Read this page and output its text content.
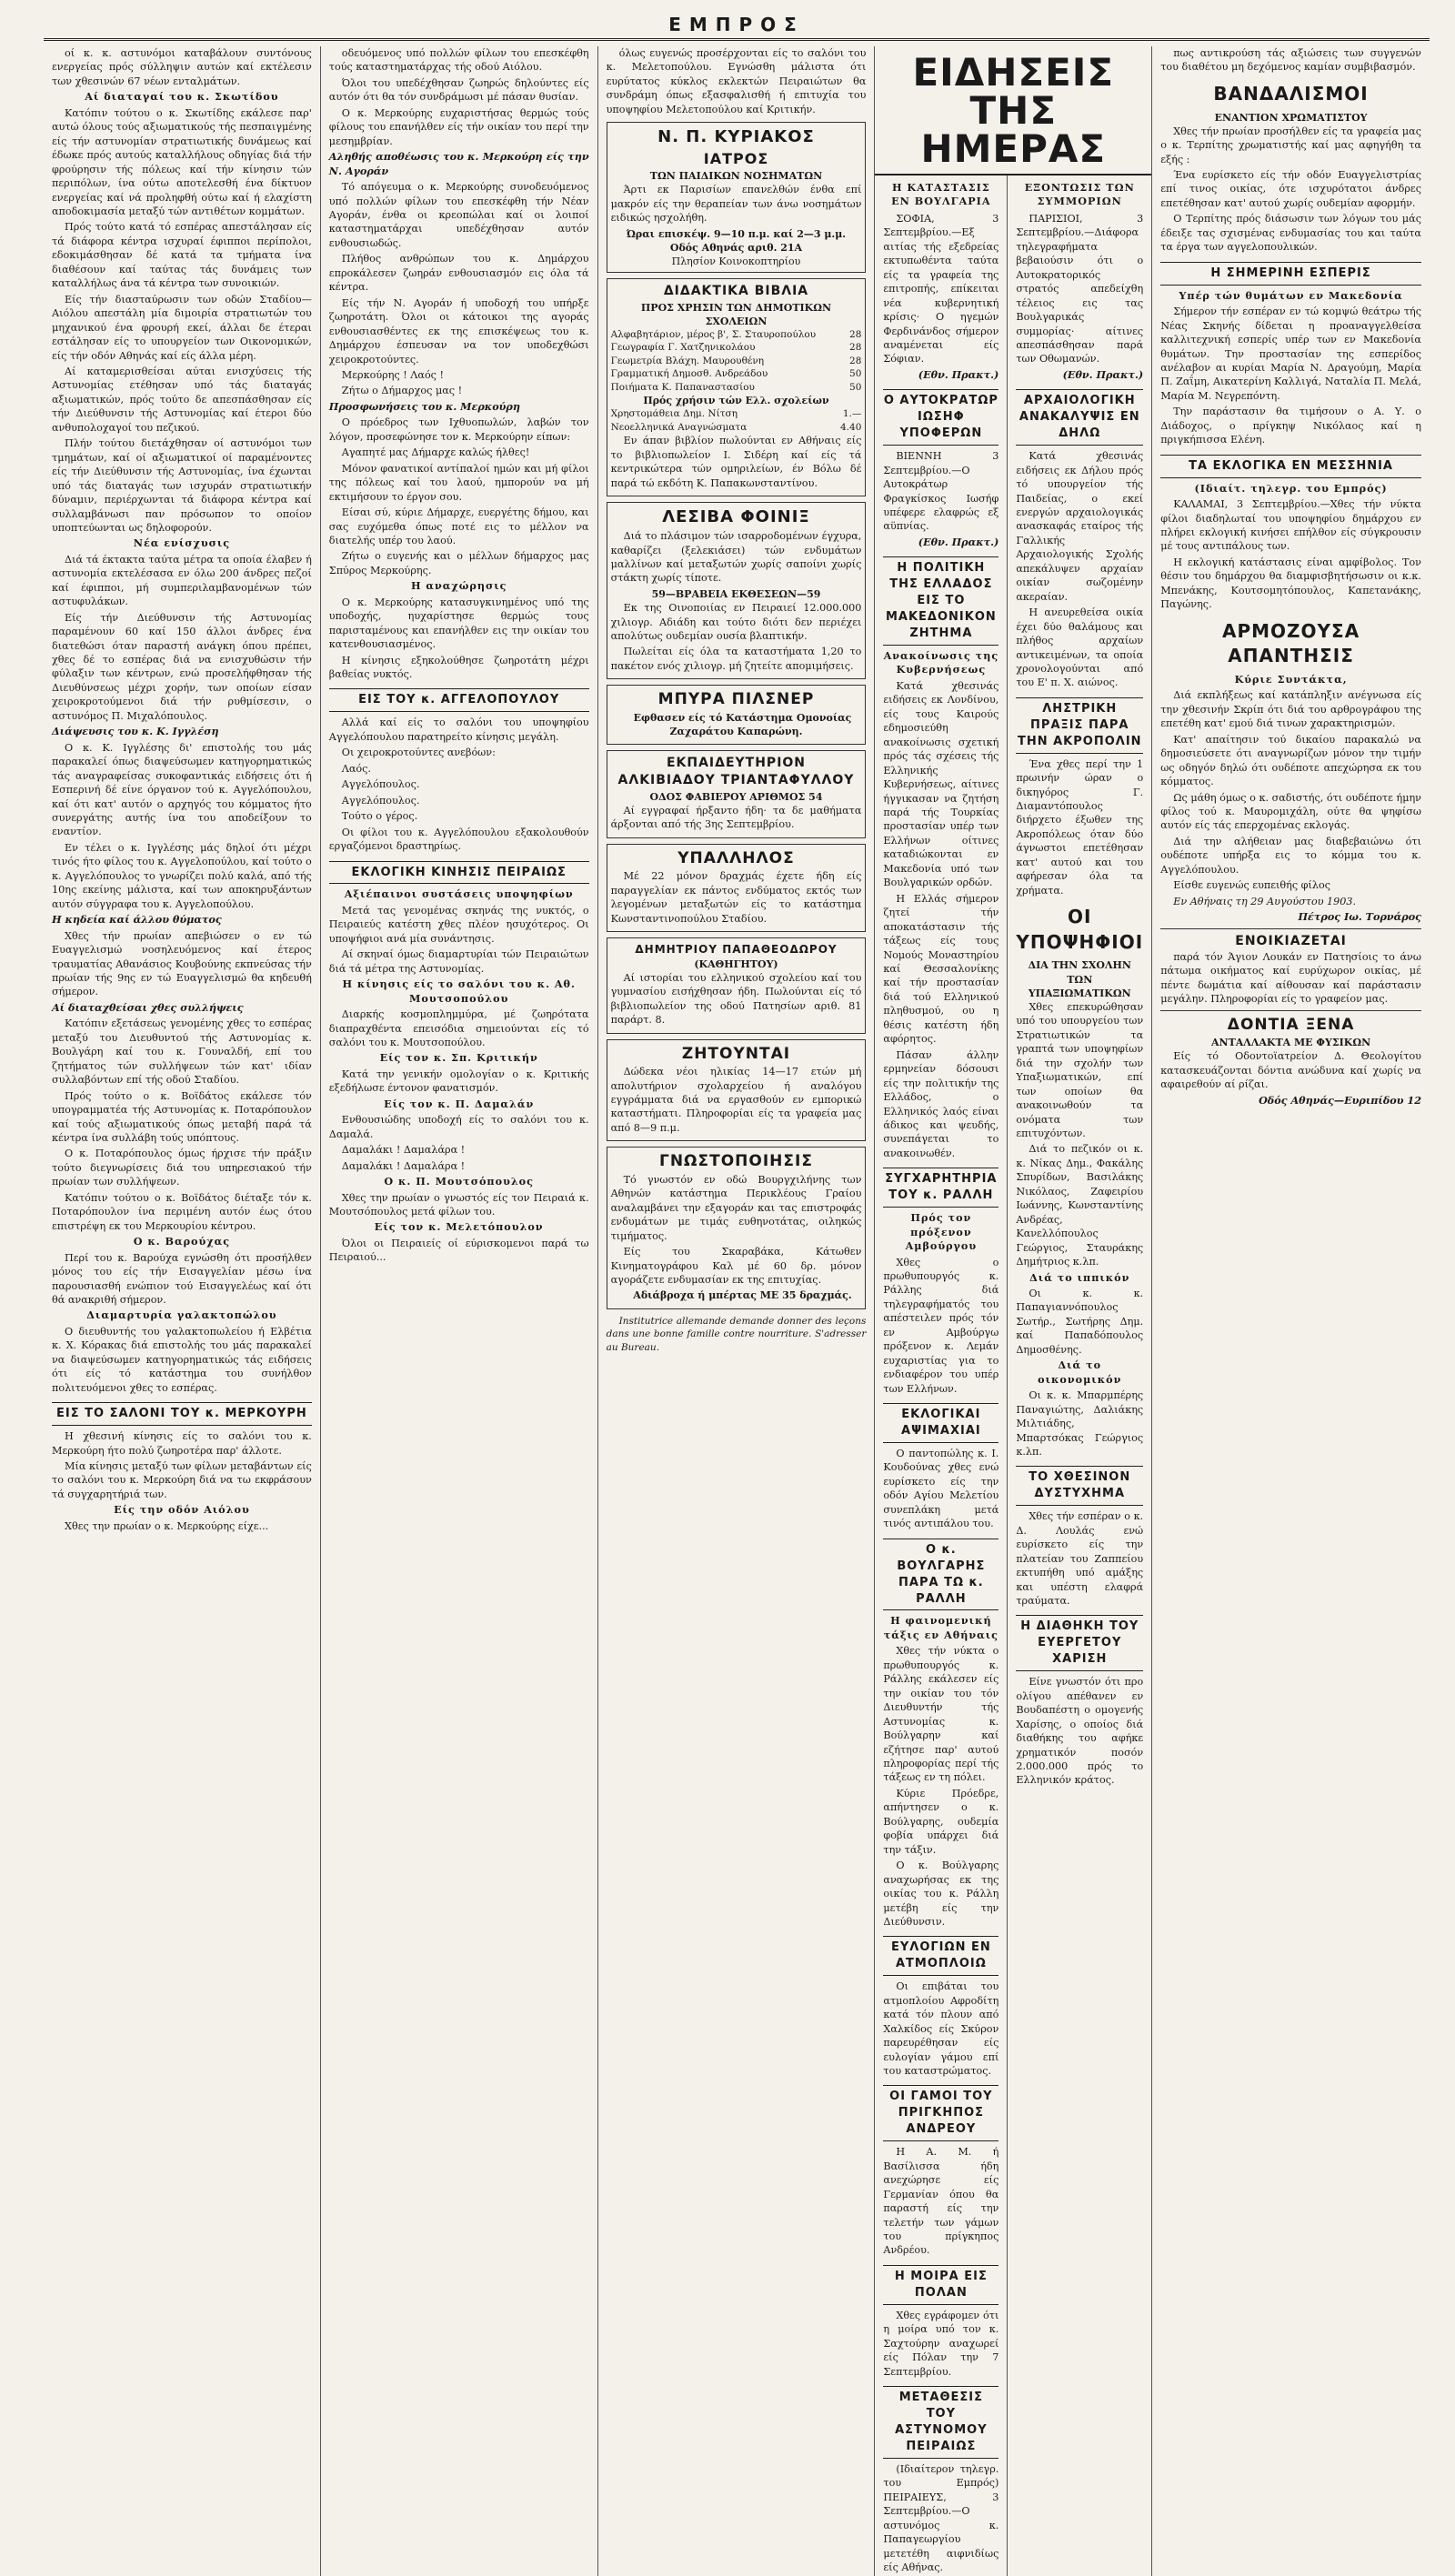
ΕΜΠΡΟΣ

οί κ. κ. αστυνόμοι καταβάλουν συντόνους ενεργείας πρός σύλληψιν αυτών καί εκτέλεσιν των χθεσινών 67 νέων ενταλμάτων.

Αί διαταγαί του κ. Σκωτίδου

Κατόπιν τούτου ο κ. Σκωτίδης εκάλεσε παρ' αυτώ όλους τούς αξιωματικούς τής πεσπαιγμένης είς τήν αστυνομίαν στρατιωτικής δυνάμεως καί έδωκε πρός αυτούς καταλλήλους οδηγίας διά τήν φρούρησιν τής πόλεως καί τήν κίνησιν τών περιπόλων, ίνα ούτω αποτελεσθή ένα δίκτυον ενεργείας καί νά προληφθή ούτω καί ή ελαχίστη αποδοκιμασία μεταξύ τών αντιθέτων κομμάτων.

Πρός τούτο κατά τό εσπέρας απεστάλησαν είς τά διάφορα κέντρα ισχυραί έφιπποι περίπολοι, εδοκιμάσθησαν δέ κατά τα τμήματα ίνα διαθέσουν καί ταύτας τάς δυνάμεις των καταλλήλως άνα τά κέντρα των συνοικιών.

Είς τήν διασταύρωσιν των οδών Σταδίου—Αιόλου απεστάλη μία διμοιρία στρατιωτών του μηχανικού ένα φρουρή εκεί, άλλαι δε έτεραι εστάλησαν είς το υπουργείον των Οικονομικών, είς τήν οδόν Αθηνάς καί είς άλλα μέρη.

Αί καταμερισθείσαι αύται ενισχύσεις τής Αστυνομίας ετέθησαν υπό τάς διαταγάς αξιωματικών, πρός τούτο δε απεσπάσθησαν είς τήν Διεύθυνσιν τής Αστυνομίας καί έτεροι δύο ανθυπολοχαγοί του πεζικού.

Πλήν τούτου διετάχθησαν οί αστυνόμοι των τμημάτων, καί οί αξιωματικοί οί παραμένοντες είς τήν Διεύθυνσιν τής Αστυνομίας, ίνα έχωνται υπό τάς διαταγάς των ισχυράν στρατιωτικήν δύναμιν, περιέρχωνται τά διάφορα κέντρα καί συλλαμβάνωσι παν πρόσωπον το οποίον υποπτεύωνται ως δηλοφορούν.

Νέα ενίσχυσις

Διά τά έκτακτα ταύτα μέτρα τα οποία έλαβεν ή αστυνομία εκτελέσασα εν όλω 200 άνδρες πεζοί καί έφιπποι, μή συμπεριλαμβανομένων τών αστυφυλάκων.

Είς τήν Διεύθυνσιν τής Αστυνομίας παραμένουν 60 καί 150 άλλοι άνδρες ένα διατεθώσι όταν παραστή ανάγκη όπου πρέπει, χθες δέ το εσπέρας διά να ενισχυθώσιν τήν φύλαξιν των κέντρων, ενώ προσελήφθησαν τής Διευθύνσεως μέχρι χορήν, των οποίων είσαν χειροκροτούμενοι διά τήν ρυθμίσεσιν, ο αστυνόμος Π. Μιχαλόπουλος.

Διάψευσις του κ. Κ. Ιγγλέση

Ο κ. Κ. Ιγγλέσης δι' επιστολής του μάς παρακαλεί όπως διαψεύσωμεν κατηγορηματικώς τάς αναγραφείσας συκοφαντικάς ειδήσεις ότι ή Εσπερινή δέ είνε όργανον τού κ. Αγγελόπουλου, καί ότι κατ' αυτόν ο αρχηγός του κόμματος ήτο συνεργάτης αυτής ίνα του αποδείξουν το εναντίον.

Εν τέλει ο κ. Ιγγλέσης μάς δηλοί ότι μέχρι τινός ήτο φίλος του κ. Αγγελοπούλου, καί τούτο ο κ. Αγγελόπουλος το γνωρίζει πολύ καλά, από τής 10ης εκείνης μάλιστα, καί των αποκηρυξάντων αυτόν σύγγραφα του κ. Αγγελοπούλου.

Η κηδεία καί άλλου θύματος

Χθες τήν πρωίαν απεβιώσεν ο εν τώ Ευαγγελισμώ νοσηλευόμενος καί έτερος τραυματίας Αθανάσιος Κουβούνης εκπνεύσας τήν πρωίαν τής 9ης εν τώ Ευαγγελισμώ θα κηδευθή σήμερον.

Αί διαταχθείσαι χθες συλλήψεις

Κατόπιν εξετάσεως γενομένης χθες το εσπέρας μεταξύ του Διευθυντού τής Αστυνομίας κ. Βουλγάρη καί του κ. Γουναλδή, επί του ζητήματος τών συλλήψεων τών κατ' ιδίαν συλλαβόντων επί τής οδού Σταδίου.

Πρός τούτο ο κ. Βοϊδάτος εκάλεσε τόν υπογραμματέα τής Αστυνομίας κ. Ποταρόπουλον καί τούς αξιωματικούς όπως μεταβή παρά τά κέντρα ίνα συλλάβη τούς υπόπτους.

Ο κ. Ποταρόπουλος όμως ήρχισε τήν πράξιν τούτο διεγνωρίσεις διά του υπηρεσιακού τήν πρωίαν των συλλήψεων.

Κατόπιν τούτου ο κ. Βοϊδάτος διέταξε τόν κ. Ποταρόπουλον ίνα περιμένη αυτόν έως ότου επιστρέψη εκ του Μερκουρίου κέντρου.

Ο κ. Βαρούχας

Περί του κ. Βαρούχα εγνώσθη ότι προσήλθεν μόνος του είς τήν Εισαγγελίαν μέσω ίνα παρουσιασθή ενώπιον τού Εισαγγελέως καί ότι θά ανακριθή σήμερον.

Διαμαρτυρία γαλακτοπώλου

Ο διευθυντής του γαλακτοπωλείου ή Ελβέτια κ. Χ. Κόρακας διά επιστολής του μάς παρακαλεί να διαψεύσωμεν κατηγορηματικώς τάς ειδήσεις ότι είς τό κατάστημα του συνήλθον πολιτευόμενοι χθες το εσπέρας.

ΕΙΣ ΤΟ ΣΑΛΟΝΙ ΤΟΥ κ. ΜΕΡΚΟΥΡΗ

Η χθεσινή κίνησις είς το σαλόνι του κ. Μερκούρη ήτο πολύ ζωηροτέρα παρ' άλλοτε.

Μία κίνησις μεταξύ των φίλων μεταβάντων είς το σαλόνι του κ. Μερκούρη διά να τω εκφράσουν τά συγχαρητήριά των.

Είς την οδόν Αιόλου

Χθες την πρωίαν ο κ. Μερκούρης είχε...

οδευόμενος υπό πολλών φίλων του επεσκέφθη τούς καταστηματάρχας τής οδού Αιόλου.

Όλοι του υπεδέχθησαν ζωηρώς δηλούντες είς αυτόν ότι θα τόν συνδράμωσι μέ πάσαν θυσίαν.

Ο κ. Μερκούρης ευχαριστήσας θερμώς τούς φίλους του επανήλθεν είς τήν οικίαν του περί την μεσημβρίαν.

Αληθής αποθέωσις του κ. Μερκούρη είς την Ν. Αγοράν

Τό απόγευμα ο κ. Μερκούρης συνοδευόμενος υπό πολλών φίλων του επεσκέφθη τήν Νέαν Αγοράν, ένθα οι κρεοπώλαι καί οι λοιποί καταστηματάρχαι υπεδέχθησαν αυτόν ενθουσιωδώς.

Πλήθος ανθρώπων του κ. Δημάρχου επροκάλεσεν ζωηράν ενθουσιασμόν εις όλα τά κέντρα.

Είς τήν Ν. Αγοράν ή υποδοχή του υπήρξε ζωηροτάτη. Όλοι οι κάτοικοι της αγοράς ενθουσιασθέντες εκ της επισκέψεως του κ. Δημάρχου έσπευσαν να τον υποδεχθώσι χειροκροτούντες.

Μερκούρης ! Λαός !

Ζήτω ο Δήμαρχος μας !

Προσφωνήσεις του κ. Μερκούρη

Ο πρόεδρος των Ιχθυοπωλών, λαβών τον λόγον, προσεφώνησε τον κ. Μερκούρην είπων:

Αγαπητέ μας Δήμαρχε καλώς ήλθες!

Μόνον φανατικοί αντίπαλοί ημών και μή φίλοι της πόλεως καί του λαού, ημπορούν να μή εκτιμήσουν το έργον σου.

Είσαι σύ, κύριε Δήμαρχε, ευεργέτης δήμου, και σας ευχόμεθα όπως ποτέ εις το μέλλον να διατελής υπέρ του λαού.

Ζήτω ο ευγενής και ο μέλλων δήμαρχος μας Σπύρος Μερκούρης.

Η αναχώρησις

Ο κ. Μερκούρης κατασυγκινημένος υπό της υποδοχής, ηυχαρίστησε θερμώς τους παρισταμένους και επανήλθεν εις την οικίαν του κατενθουσιασμένος.

Η κίνησις εξηκολούθησε ζωηροτάτη μέχρι βαθείας νυκτός.

ΕΙΣ ΤΟΥ κ. ΑΓΓΕΛΟΠΟΥΛΟΥ

Αλλά καί είς το σαλόνι του υποψηφίου Αγγελόπουλου παρατηρείτο κίνησις μεγάλη.

Οι χειροκροτούντες ανεβόων:

Λαός.

Αγγελόπουλος.

Αγγελόπουλος.

Τούτο ο γέρος.

Οι φίλοι του κ. Αγγελόπουλου εξακολουθούν εργαζόμενοι δραστηρίως.

ΕΚΛΟΓΙΚΗ ΚΙΝΗΣΙΣ ΠΕΙΡΑΙΩΣ

Αξιέπαινοι συστάσεις υποψηφίων

Μετά τας γενομένας σκηνάς της νυκτός, ο Πειραιεύς κατέστη χθες πλέον ησυχότερος. Οι υποψήφιοι ανά μία συνάντησις.

Αί σκηναί όμως διαμαρτυρίαι τών Πειραιώτων διά τά μέτρα της Αστυνομίας.

Η κίνησις είς το σαλόνι του κ. Αθ. Μουτσοπούλου

Διαρκής κοσμοπλημμύρα, μέ ζωηρότατα διαπραχθέντα επεισόδια σημειούνται είς τό σαλόνι του κ. Μουτσοπούλου.

Είς τον κ. Σπ. Κριτικήν

Κατά την γενικήν ομολογίαν ο κ. Κριτικής εξεδήλωσε έντονον φανατισμόν.

Είς τον κ. Π. Δαμαλάν

Ενθουσιώδης υποδοχή είς το σαλόνι του κ. Δαμαλά.

Δαμαλάκι ! Δαμαλάρα !

Δαμαλάκι ! Δαμαλάρα !

Ο κ. Π. Μουτσόπουλος

Χθες την πρωίαν ο γνωστός είς τον Πειραιά κ. Μουτσόπουλος μετά φίλων του.

Είς τον κ. Μελετόπουλον

Όλοι οι Πειραιείς οί εύρισκομενοι παρά τω Πειραιού...

όλως ευγενώς προσέρχονται είς το σαλόνι του κ. Μελετοπούλου. Εγνώσθη μάλιστα ότι ευρύτατος κύκλος εκλεκτών Πειραιώτων θα συνδράμη όπως εξασφαλισθή ή επιτυχία του υποψηφίου Μελετοπούλου καί Κριτικήν.

Ν. Π. ΚΥΡΙΑΚΟΣ
ΙΑΤΡΟΣ
ΤΩΝ ΠΑΙΔΙΚΩΝ ΝΟΣΗΜΑΤΩΝ

Άρτι εκ Παρισίων επανελθών ένθα επί μακρόν είς την θεραπείαν των άνω νοσημάτων ειδικώς ησχολήθη.

Ώραι επισκέψ. 9—10 π.μ. καί 2—3 μ.μ.
Οδός Αθηνάς αριθ. 21Α
Πλησίον Κοινοκοπτηρίου
ΔΙΔΑΚΤΙΚΑ ΒΙΒΛΙΑ
ΠΡΟΣ ΧΡΗΣΙΝ ΤΩΝ ΔΗΜΟΤΙΚΩΝ ΣΧΟΛΕΙΩΝ
Αλφαβητάριον, μέρος β', Σ. Σταυροπούλου	28
Γεωγραφία Γ. Χατζηνικολάου	28
Γεωμετρία Βλάχη. Μαυρουθένη	28
Γραμματική Δημοσθ. Ανδρεάδου	50
Ποιήματα Κ. Παπαναστασίου	50
Πρός χρήσιν τών Ελλ. σχολείων
Χρηστομάθεια Δημ. Νίτση	1.—
Νεοελληνικά Αναγνώσματα	4.40

Εν άπαν βιβλίον πωλούνται εν Αθήναις είς το βιβλιοπωλείον Ι. Σιδέρη καί είς τά κεντρικώτερα τών ομηριλείων, έν Βόλω δέ παρά τώ εκδότη Κ. Παπακωνσταντίνου.

ΛΕΣΙΒΑ ΦΟΙΝΙΞ

Διά το πλάσιμον τών ισαρροδομένων έγχυρα, καθαρίζει (ξελεκιάσει) τών ενδυμάτων μαλλίνων καί μεταξωτών χωρίς σαποίνι χωρίς στάκτη χωρίς τίποτε.

59—ΒΡΑΒΕΙΑ ΕΚΘΕΣΕΩΝ—59

Εκ της Οινοποιίας εν Πειραιεί 12.000.000 χιλιογρ. Αδιάδη και τούτο διότι δεν περιέχει απολύτως ουδεμίαν ουσία βλαπτικήν.

Πωλείται είς όλα τα καταστήματα 1,20 το πακέτον ενός χιλιογρ. μή ζητείτε απομιμήσεις.

ΜΠΥΡΑ ΠΙΛΣΝΕΡ

Εφθασεν είς τό Κατάστημα Ομονοίας Ζαχαράτου Καπαρώνη.

ΕΚΠΑΙΔΕΥΤΗΡΙΟΝ
ΑΛΚΙΒΙΑΔΟΥ ΤΡΙΑΝΤΑΦΥΛΛΟΥ
ΟΔΟΣ ΦΑΒΙΕΡΟΥ ΑΡΙΘΜΟΣ 54

Αί εγγραφαί ήρξαντο ήδη· τα δε μαθήματα άρξονται από τής 3ης Σεπτεμβρίου.

ΥΠΑΛΛΗΛΟΣ

Μέ 22 μόνον δραχμάς έχετε ήδη είς παραγγελίαν εκ πάντος ενδύματος εκτός των λεγομένων μεταξωτών είς το κατάστημα Κωνσταντινοπούλου Σταδίου.

ΔΗΜΗΤΡΙΟΥ ΠΑΠΑΘΕΟΔΩΡΟΥ
(ΚΑΘΗΓΗΤΟΥ)

Αί ιστορίαι του ελληνικού σχολείου καί του γυμνασίου εισήχθησαν ήδη. Πωλούνται είς τό βιβλιοπωλείον της οδού Πατησίων αριθ. 81 παράρτ. 8.

ΖΗΤΟΥΝΤΑΙ

Δώδεκα νέοι ηλικίας 14—17 ετών μή απολυτήριον σχολαρχείου ή αναλόγου εγγράμματα διά να εργασθούν εν εμπορικώ καταστήματι. Πληροφορίαι είς τα γραφεία μας από 8—9 π.μ.

ΓΝΩΣΤΟΠΟΙΗΣΙΣ

Τό γνωστόν εν οδώ Βουργχιλήνης των Αθηνών κατάστημα Περικλέους Γραίου αναλαμβάνει την εξαγοράν και τας επιστροφάς ενδυμάτων με τιμάς ευθηνοτάτας, οιληκώς τιμήματος.

Είς του Σκαραβάκα, Κάτωθεν Κινηματογράφου Καλ μέ 60 δρ. μόνον αγοράζετε ενδυμασίαν εκ της επιτυχίας.

Αδιάβροχα ή μπέρτας ΜΕ 35 δραχμάς.

Institutrice allemande demande donner des leçons dans une bonne famille contre nourriture. S'adresser au Bureau.

ΕΙΔΗΣΕΙΣ ΤΗΣ ΗΜΕΡΑΣ
Η ΚΑΤΑΣΤΑΣΙΣ ΕΝ ΒΟΥΛΓΑΡΙΑ

ΣΟΦΙΑ, 3 Σεπτεμβρίου.—Εξ αιτίας τής εξεδρείας εκτυπωθέντα ταύτα είς τα γραφεία της επιτροπής, επίκειται νέα κυβερνητική κρίσις· Ο ηγεμών Φερδινάνδος σήμερον αναμένεται είς Σόφιαν.

(Εθν. Πρακτ.)

Ο ΑΥΤΟΚΡΑΤΩΡ ΙΩΣΗΦ ΥΠΟΦΕΡΩΝ

ΒΙΕΝΝΗ 3 Σεπτεμβρίου.—Ο Αυτοκράτωρ Φραγκίσκος Ιωσήφ υπέφερε ελαφρώς εξ αϋπνίας.

(Εθν. Πρακτ.)

Η ΠΟΛΙΤΙΚΗ ΤΗΣ ΕΛΛΑΔΟΣ ΕΙΣ ΤΟ ΜΑΚΕΔΟΝΙΚΟΝ ΖΗΤΗΜΑ

Ανακοίνωσις της Κυβερνήσεως

Κατά χθεσινάς ειδήσεις εκ Λονδίνου, είς τους Καιρούς εδημοσιεύθη ανακοίνωσις σχετική πρός τάς σχέσεις τής Ελληνικής Κυβερνήσεως, αίτινες ήγγικασαν να ζητήση παρά τής Τουρκίας προστασίαν υπέρ των Ελλήνων οίτινες καταδιώκονται εν Μακεδονία υπό των Βουλγαρικών ορδών.

Η Ελλάς σήμερον ζητεί τήν αποκατάστασιν τής τάξεως είς τους Νομούς Μοναστηρίου καί Θεσσαλονίκης καί τήν προστασίαν διά τού Ελληνικού πληθυσμού, ου η θέσις κατέστη ήδη αφόρητος.

Πάσαν άλλην ερμηνείαν δόσουσι είς την πολιτικήν της Ελλάδος, ο Ελληνικός λαός είναι άδικος και ψευδής, συνεπάγεται το ανακοινωθέν.

ΣΥΓΧΑΡΗΤΗΡΙΑ ΤΟΥ κ. ΡΑΛΛΗ

Πρός τον πρόξενον Αμβούργου

Χθες ο πρωθυπουργός κ. Ράλλης διά τηλεγραφήματός του απέστειλεν πρός τόν εν Αμβούργω πρόξενον κ. Λεμάν ευχαριστίας για το ενδιαφέρον του υπέρ των Ελλήνων.

ΕΚΛΟΓΙΚΑΙ ΑΨΙΜΑΧΙΑΙ

Ο παντοπώλης κ. Ι. Κουδούνας χθες ενώ ευρίσκετο είς την οδόν Αγίου Μελετίου συνεπλάκη μετά τινός αντιπάλου του.

Ο κ. ΒΟΥΛΓΑΡΗΣ ΠΑΡΑ ΤΩ κ. ΡΑΛΛΗ

Η φαινομενική τάξις εν Αθήναις

Χθες τήν νύκτα ο πρωθυπουργός κ. Ράλλης εκάλεσεν είς την οικίαν του τόν Διευθυντήν τής Αστυνομίας κ. Βούλγαρην καί εζήτησε παρ' αυτού πληροφορίας περί τής τάξεως εν τη πόλει.

Κύριε Πρόεδρε, απήντησεν ο κ. Βούλγαρης, ουδεμία φοβία υπάρχει διά την τάξιν.

Ο κ. Βούλγαρης αναχωρήσας εκ της οικίας του κ. Ράλλη μετέβη είς την Διεύθυνσιν.

ΕΥΛΟΓΙΩΝ ΕΝ ΑΤΜΟΠΛΟΙΩ

Οι επιβάται του ατμοπλοίου Αφροδίτη κατά τόν πλουν από Χαλκίδος είς Σκύρον παρευρέθησαν είς ευλογίαν γάμου επί του καταστρώματος.

ΟΙ ΓΑΜΟΙ ΤΟΥ ΠΡΙΓΚΗΠΟΣ ΑΝΔΡΕΟΥ

Η Α. Μ. ή Βασίλισσα ήδη ανεχώρησε είς Γερμανίαν όπου θα παραστή είς την τελετήν των γάμων του πρίγκηπος Ανδρέου.

Η ΜΟΙΡΑ ΕΙΣ ΠΟΛΑΝ

Χθες εγράφομεν ότι η μοίρα υπό τον κ. Σαχτούρην αναχωρεί είς Πόλαν την 7 Σεπτεμβρίου.

ΜΕΤΑΘΕΣΙΣ ΤΟΥ ΑΣΤΥΝΟΜΟΥ ΠΕΙΡΑΙΩΣ

(Ιδιαίτερον τηλεγρ. του Εμπρός) ΠΕΙΡΑΙΕΥΣ, 3 Σεπτεμβρίου.—Ο αστυνόμος κ. Παπαγεωργίου μετετέθη αιφνιδίως είς Αθήνας.

ΕΞΟΝΤΩΣΙΣ ΤΩΝ ΣΥΜΜΟΡΙΩΝ

ΠΑΡΙΣΙΟΙ, 3 Σεπτεμβρίου.—Διάφορα τηλεγραφήματα βεβαιούσιν ότι ο Αυτοκρατορικός στρατός απεδείχθη τέλειος εις τας Βουλγαρικάς συμμορίας· αίτινες απεσπάσθησαν παρά των Οθωμανών.

(Εθν. Πρακτ.)

ΑΡΧΑΙΟΛΟΓΙΚΗ ΑΝΑΚΑΛΥΨΙΣ ΕΝ ΔΗΛΩ

Κατά χθεσινάς ειδήσεις εκ Δήλου πρός τό υπουργείον τής Παιδείας, ο εκεί ενεργών αρχαιολογικάς ανασκαφάς εταίρος τής Γαλλικής Αρχαιολογικής Σχολής απεκάλυψεν αρχαίαν οικίαν σωζομένην ακεραίαν.

Η ανευρεθείσα οικία έχει δύο θαλάμους και πλήθος αρχαίων αντικειμένων, τα οποία χρονολογούνται από του Ε' π. Χ. αιώνος.

ΛΗΣΤΡΙΚΗ ΠΡΑΞΙΣ ΠΑΡΑ ΤΗΝ ΑΚΡΟΠΟΛΙΝ

Ένα χθες περί την 1 πρωινήν ώραν ο δικηγόρος Γ. Διαμαντόπουλος διήρχετο έξωθεν της Ακροπόλεως όταν δύο άγνωστοι επετέθησαν κατ' αυτού και του αφήρεσαν όλα τα χρήματα.

ΟΙ ΥΠΟΨΗΦΙΟΙ
ΔΙΑ ΤΗΝ ΣΧΟΛΗΝ ΤΩΝ ΥΠΑΞΙΩΜΑΤΙΚΩΝ

Χθες επεκυρώθησαν υπό του υπουργείου των Στρατιωτικών τα γραπτά των υποψηφίων διά την σχολήν των Υπαξιωματικών, επί των οποίων θα ανακοινωθούν τα ονόματα των επιτυχόντων.

Διά το πεζικόν οι κ. κ. Νίκας Δημ., Φακάλης Σπυρίδων, Βασιλάκης Νικόλαος, Ζαφειρίου Ιωάννης, Κωνσταντίνης Ανδρέας, Κανελλόπουλος Γεώργιος, Σταυράκης Δημήτριος κ.λπ.

Διά το ιππικόν

Οι κ. κ. Παπαγιαννόπουλος Σωτήρ., Σωτήρης Δημ. καί Παπαδόπουλος Δημοσθένης.

Διά το οικονομικόν

Οι κ. κ. Μπαρμπέρης Παναγιώτης, Δαλιάκης Μιλτιάδης, Μπαρτσόκας Γεώργιος κ.λπ.

ΤΟ ΧΘΕΣΙΝΟΝ ΔΥΣΤΥΧΗΜΑ

Χθες τήν εσπέραν ο κ. Δ. Λουλάς ενώ ευρίσκετο είς την πλατείαν του Ζαππείου εκτυπήθη υπό αμάξης και υπέστη ελαφρά τραύματα.

Η ΔΙΑΘΗΚΗ ΤΟΥ ΕΥΕΡΓΕΤΟΥ ΧΑΡΙΣΗ

Είνε γνωστόν ότι προ ολίγου απέθανεν εν Βουδαπέστη ο ομογενής Χαρίσης, ο οποίος διά διαθήκης του αφήκε χρηματικόν ποσόν 2.000.000 πρός το Ελληνικόν κράτος.

πως αντικρούση τάς αξιώσεις των συγγενών του διαθέτου μη δεχόμενος καμίαν συμβιβασμόν.

ΒΑΝΔΑΛΙΣΜΟΙ
ΕΝΑΝΤΙΟΝ ΧΡΩΜΑΤΙΣΤΟΥ

Χθες τήν πρωίαν προσήλθεν είς τα γραφεία μας ο κ. Τερπίτης χρωματιστής καί μας αφηγήθη τα εξής :

Ένα ευρίσκετο είς τήν οδόν Ευαγγελιστρίας επί τινος οικίας, ότε ισχυρότατοι άνδρες επετέθησαν κατ' αυτού χωρίς ουδεμίαν αφορμήν.

Ο Τερπίτης πρός διάσωσιν των λόγων του μάς έδειξε τας σχισμένας ενδυμασίας του και ταύτα τα έργα των αγγελοπουλικών.

Η ΣΗΜΕΡΙΝΗ ΕΣΠΕΡΙΣ

Υπέρ τών θυμάτων εν Μακεδονία

Σήμερον τήν εσπέραν εν τώ κομψώ θεάτρω τής Νέας Σκηνής δίδεται η προαναγγελθείσα καλλιτεχνική εσπερίς υπέρ των εν Μακεδονία θυμάτων. Την προστασίαν της εσπερίδος ανέλαβον αι κυρίαι Μαρία Ν. Δραγούμη, Μαρία Π. Ζαΐμη, Αικατερίνη Καλλιγά, Ναταλία Π. Μελά, Μαρία Μ. Νεγρεπόντη.

Την παράστασιν θα τιμήσουν ο Α. Υ. ο Διάδοχος, ο πρίγκηψ Νικόλαος καί η πριγκήπισσα Ελένη.

ΤΑ ΕΚΛΟΓΙΚΑ ΕΝ ΜΕΣΣΗΝΙΑ

(Ιδιαίτ. τηλεγρ. του Εμπρός)

ΚΑΛΑΜΑΙ, 3 Σεπτεμβρίου.—Χθες τήν νύκτα φίλοι διαδηλωταί του υποψηφίου δημάρχου εν πλήρει εκλογική κινήσει επήλθον είς σύγκρουσιν μέ τους αντιπάλους των.

Η εκλογική κατάστασις είναι αμφίβολος. Τον θέσιν του δημάρχου θα διαμφισβητήσωσιν οι κ.κ. Μπενάκης, Κουτσομητόπουλος, Καπετανάκης, Παγώνης.

ΑΡΜΟΖΟΥΣΑ ΑΠΑΝΤΗΣΙΣ

Κύριε Συντάκτα,

Διά εκπλήξεως καί κατάπληξιν ανέγνωσα είς την χθεσινήν Σκρίπ ότι διά του αρθρογράφου της επετέθη κατ' εμού διά τινων χαρακτηρισμών.

Κατ' απαίτησιν τού δικαίου παρακαλώ να δημοσιεύσετε ότι αναγνωρίζων μόνον την τιμήν ως οδηγόν δηλώ ότι ουδέποτε απεχώρησα εκ του κόμματος.

Ως μάθη όμως ο κ. σαδιστής, ότι ουδέποτε ήμην φίλος τού κ. Μαυρομιχάλη, ούτε θα ψηφίσω αυτόν είς τάς επερχομένας εκλογάς.

Διά την αλήθειαν μας διαβεβαιώνω ότι ουδέποτε υπήρξα εις το κόμμα του κ. Αγγελόπουλου.

Είσθε ευγενώς ευπειθής φίλος

Εν Αθήναις τη 29 Αυγούστου 1903.

Πέτρος Ιω. Τορνάρος

ΕΝΟΙΚΙΑΖΕΤΑΙ

παρά τόν Άγιον Λουκάν εν Πατησίοις το άνω πάτωμα οικήματος καί ευρύχωρον οικίας, μέ πέντε δωμάτια καί αίθουσαν καί παράστασιν μεγάλην. Πληροφορίαι είς το γραφείον μας.

ΔΟΝΤΙΑ ΞΕΝΑ
ΑΝΤΑΛΛΑΚΤΑ ΜΕ ΦΥΣΙΚΩΝ

Είς τό Οδοντοϊατρείον Δ. Θεολογίτου κατασκευάζονται δόντια ανώδυνα καί χωρίς να αφαιρεθούν αί ρίζαι.

Οδός Αθηνάς—Ευριπίδου 12
